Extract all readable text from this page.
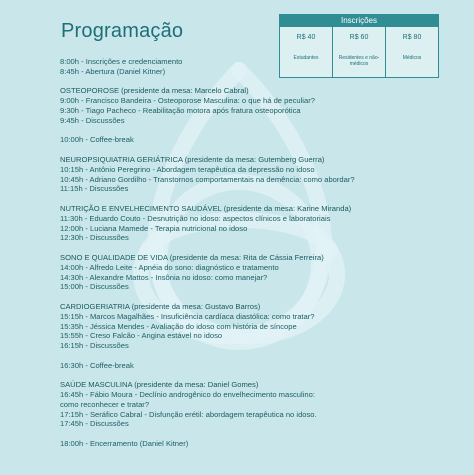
Programação	Inscrições
R$ 40
Estudantes
R$ 60
Residentes e não-médicos
R$ 80
Médicos
8:00h - Inscrições e credenciamento
8:45h - Abertura (Daniel Kitner)
OSTEOPOROSE (presidente da mesa: Marcelo Cabral)
9:00h - Francisco Bandeira - Osteoporose Masculina: o que há de peculiar?
9:30h - Tiago Pacheco - Reabilitação motora após fratura osteoporótica
9:45h - Discussões
10:00h - Coffee-break
NEUROPSIQUIATRIA GERIÁTRICA (presidente da mesa: Gutemberg Guerra)
10:15h - Antônio Peregrino - Abordagem terapêutica da depressão no idoso
10:45h - Adriano Gordilho - Transtornos comportamentais na demência: como abordar?
11:15h - Discussões
NUTRIÇÃO E ENVELHECIMENTO SAUDÁVEL (presidente da mesa: Karine Miranda)
11:30h - Eduardo Couto - Desnutrição no idoso: aspectos clínicos e laboratoriais
12:00h - Luciana Mamede - Terapia nutricional no idoso
12:30h - Discussões
SONO E QUALIDADE DE VIDA (presidente da mesa: Rita de Cássia Ferreira)
14:00h - Alfredo Leite - Apnéia do sono: diagnóstico e tratamento
14:30h - Alexandre Mattos - Insônia no idoso: como manejar?
15:00h - Discussões
CARDIOGERIATRIA (presidente da mesa: Gustavo Barros)
15:15h - Marcos Magalhães - Insuficiência cardíaca diastólica: como tratar?
15:35h - Jéssica Mendes - Avaliação do idoso com história de síncope
15:55h - Creso Falcão - Angina estável no idoso
16:15h - Discussões
16:30h - Coffee-break
SAÚDE MASCULINA (presidente da mesa: Daniel Gomes)
16:45h - Fábio Moura - Declínio androgênico do envelhecimento masculino:
como reconhecer e tratar?
17:15h - Seráfico Cabral - Disfunção erétil: abordagem terapêutica no idoso.
17:45h - Discussões
18:00h - Encerramento (Daniel Kitner)
